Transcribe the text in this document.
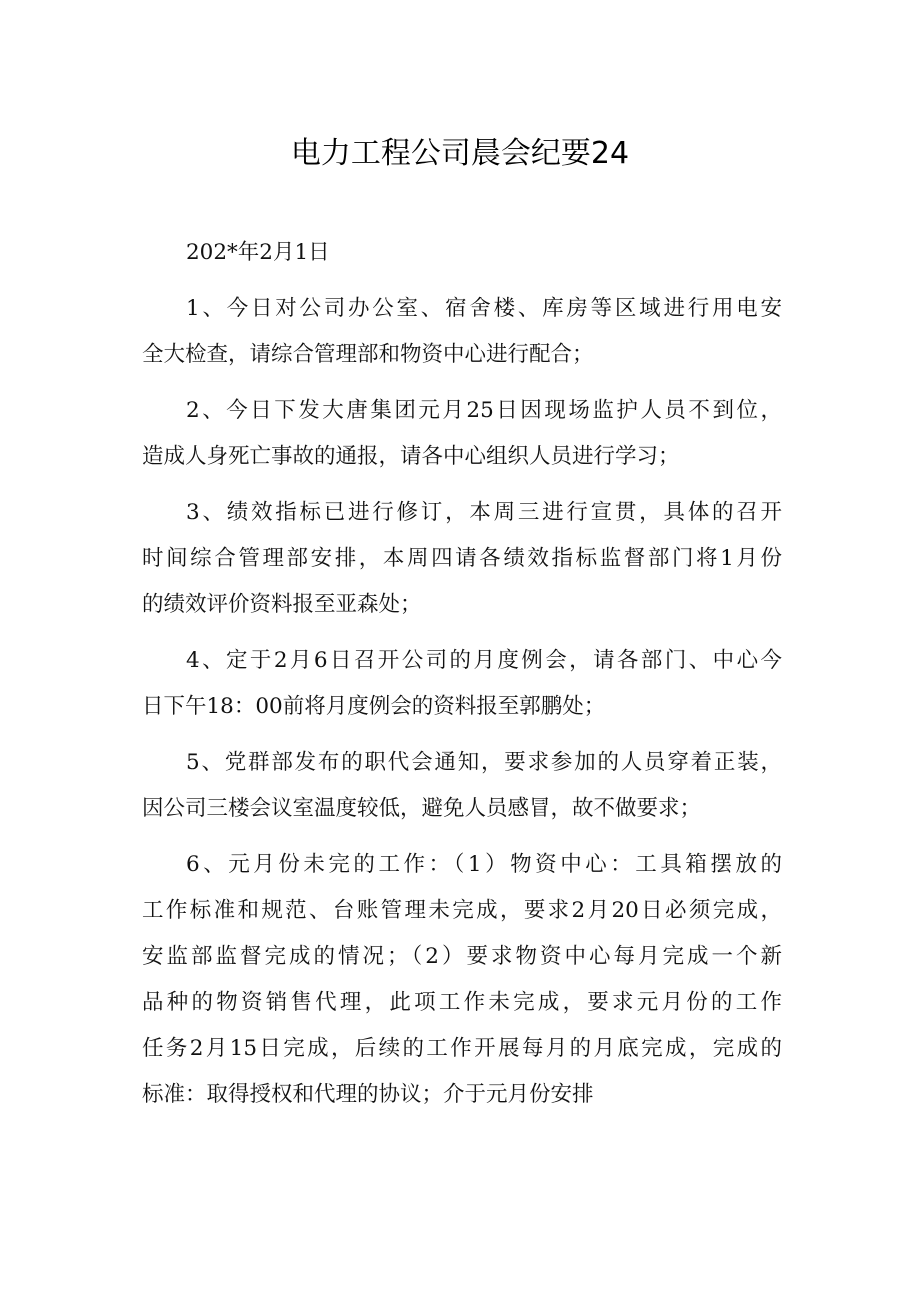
电力工程公司晨会纪要24
202*年2月1日
1、今日对公司办公室、宿舍楼、库房等区域进行用电安
全大检查，请综合管理部和物资中心进行配合；
2、今日下发大唐集团元月25日因现场监护人员不到位，
造成人身死亡事故的通报，请各中心组织人员进行学习；
3、绩效指标已进行修订，本周三进行宣贯，具体的召开
时间综合管理部安排，本周四请各绩效指标监督部门将1月份
的绩效评价资料报至亚森处；
4、定于2月6日召开公司的月度例会，请各部门、中心今
日下午18：00前将月度例会的资料报至郭鹏处；
5、党群部发布的职代会通知，要求参加的人员穿着正装，
因公司三楼会议室温度较低，避免人员感冒，故不做要求；
6、元月份未完的工作：（1）物资中心：工具箱摆放的
工作标准和规范、台账管理未完成，要求2月20日必须完成，
安监部监督完成的情况；（2）要求物资中心每月完成一个新
品种的物资销售代理，此项工作未完成，要求元月份的工作
任务2月15日完成，后续的工作开展每月的月底完成，完成的
标准：取得授权和代理的协议；介于元月份安排
